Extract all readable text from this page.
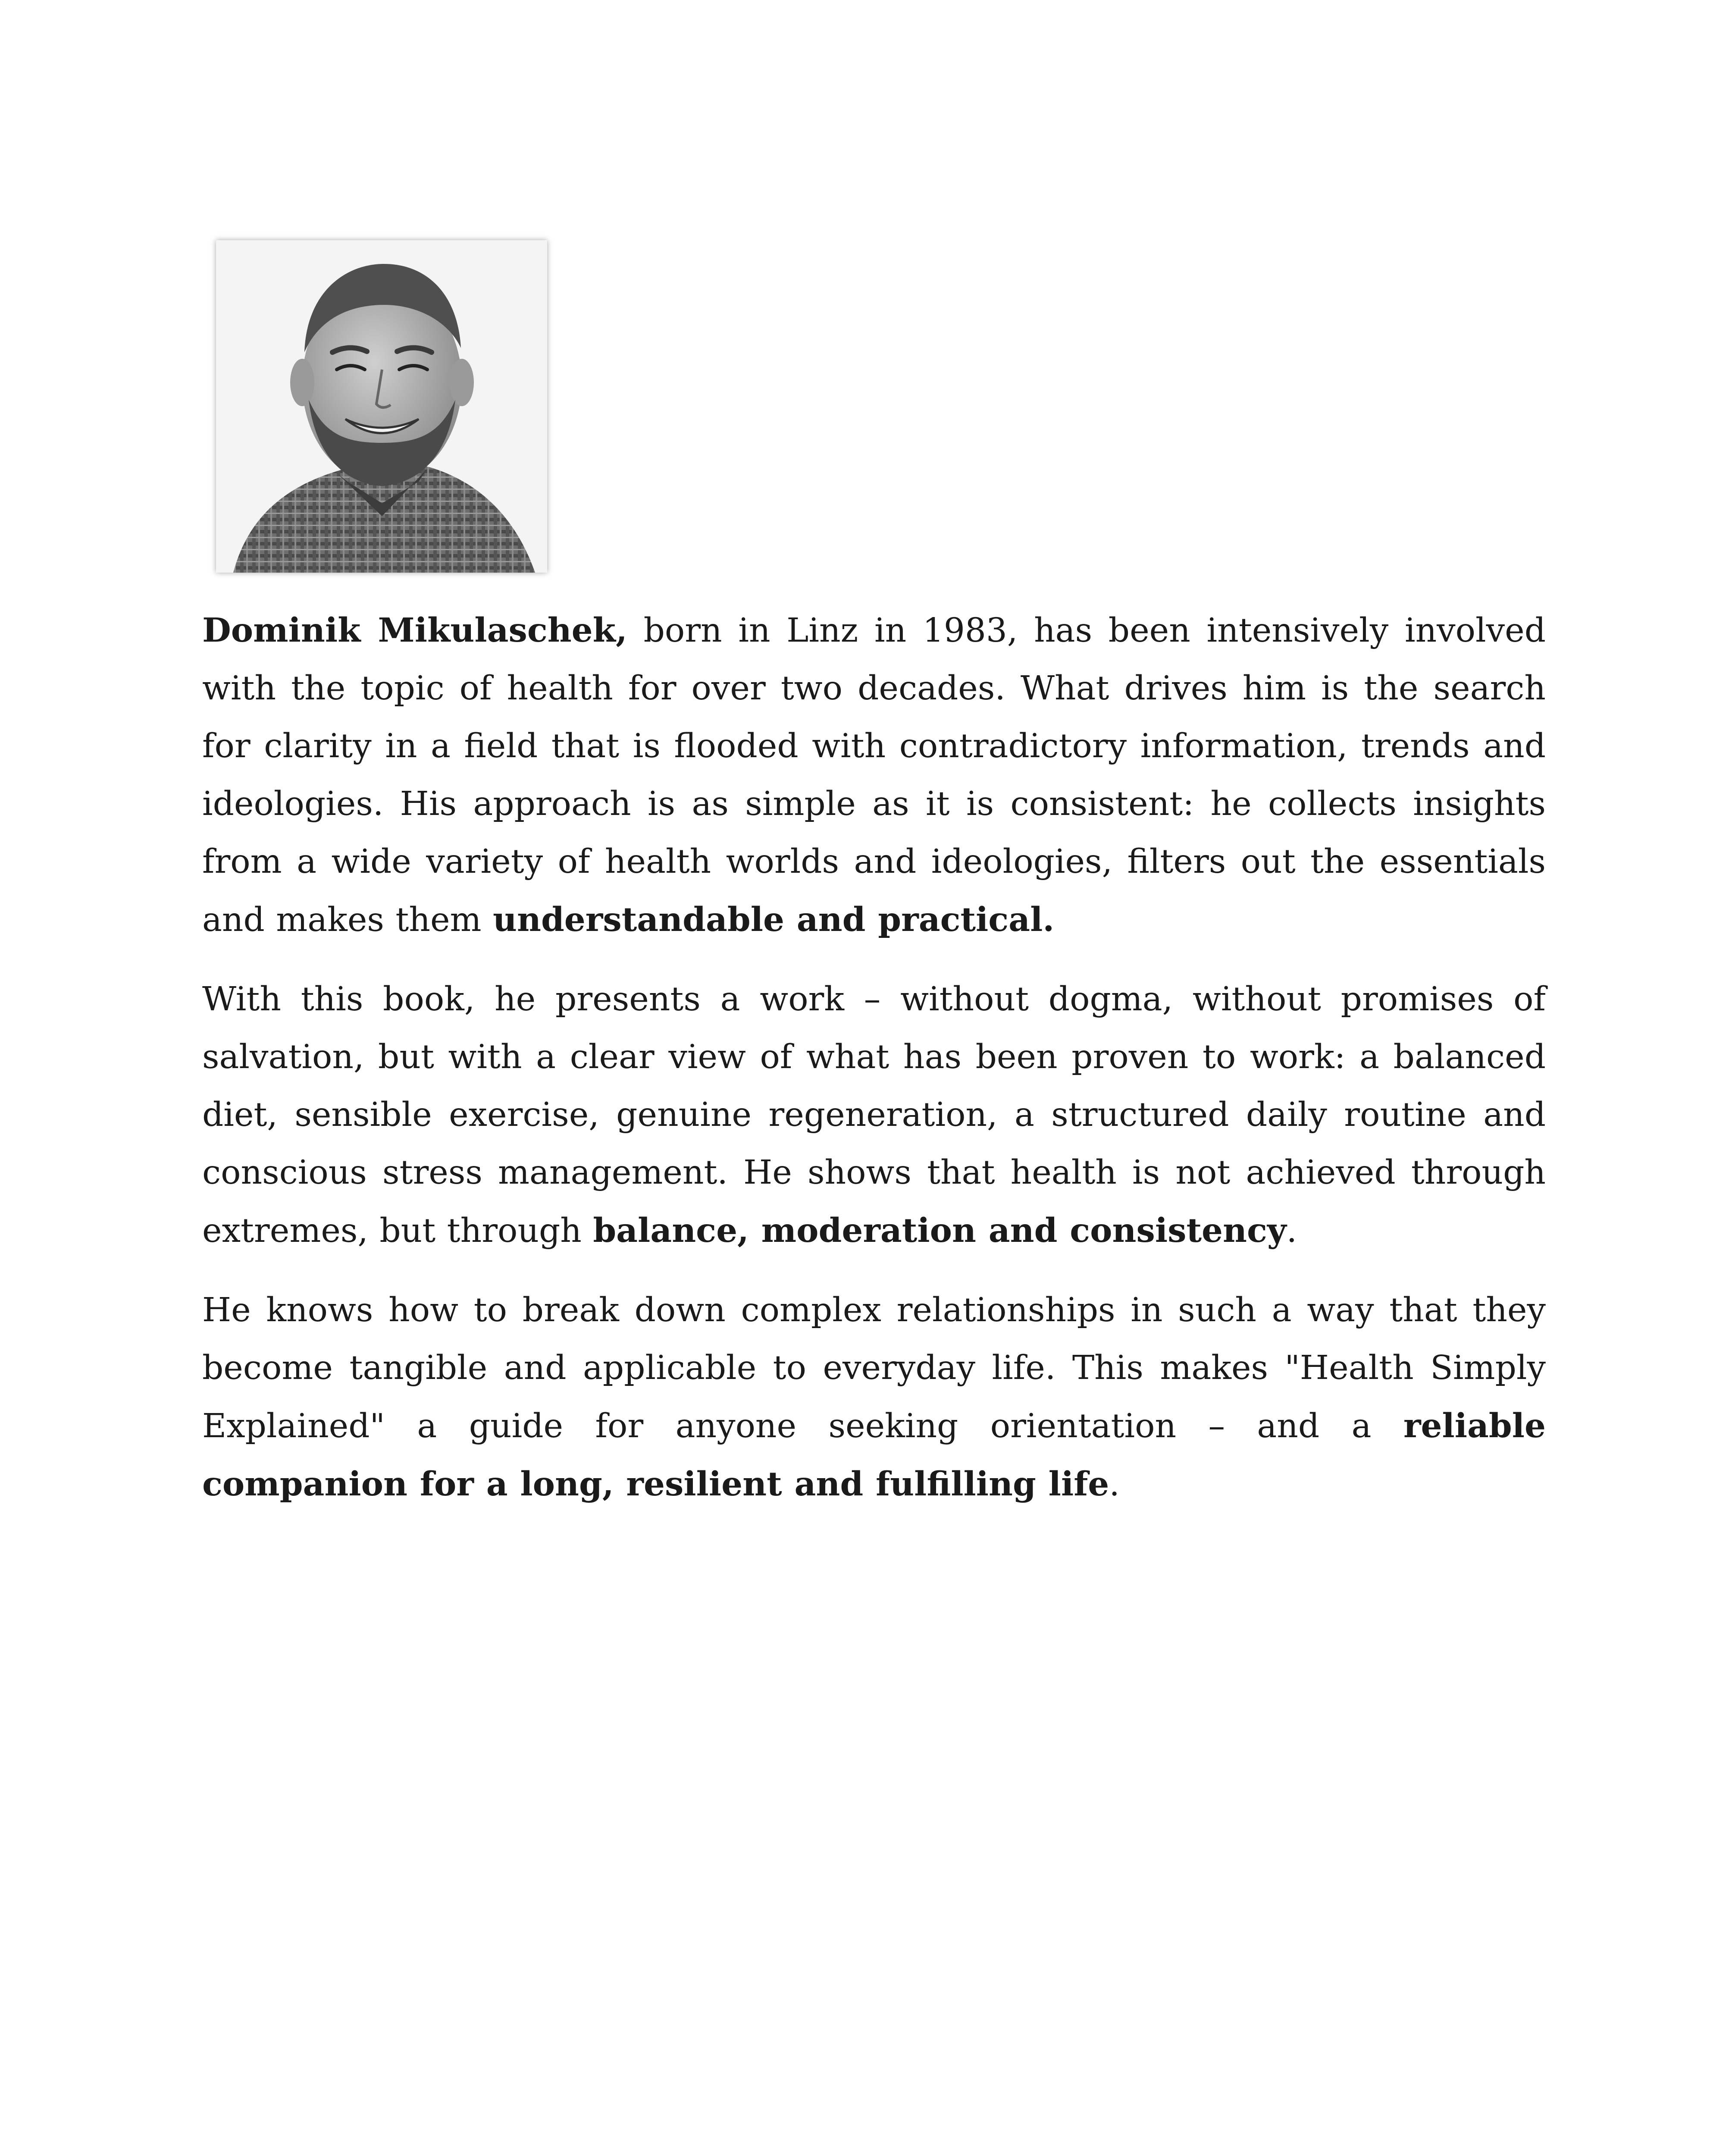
Dominik Mikulaschek, born in Linz in 1983, has been intensively involved with the topic of health for over two decades. What drives him is the search for clarity in a field that is flooded with contradictory information, trends and ideologies. His approach is as simple as it is consistent: he collects insights from a wide variety of health worlds and ideologies, filters out the essentials and makes them understandable and practical.

With this book, he presents a work – without dogma, without promises of salvation, but with a clear view of what has been proven to work: a balanced diet, sensible exercise, genuine regeneration, a structured daily routine and conscious stress management. He shows that health is not achieved through extremes, but through balance, moderation and consistency.

He knows how to break down complex relationships in such a way that they become tangible and applicable to everyday life. This makes "Health Simply Explained" a guide for anyone seeking orientation – and a reliable companion for a long, resilient and fulfilling life.
